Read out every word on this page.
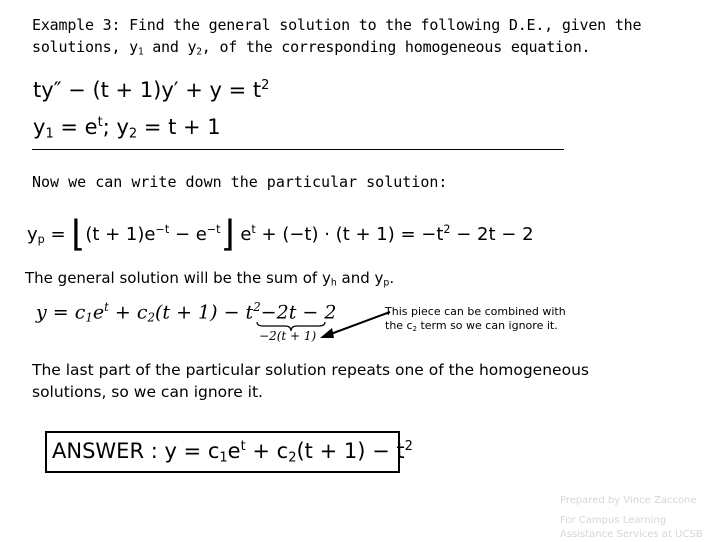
Example 3: Find the general solution to the following D.E., given the
solutions, $y_1$ and $y_2$, of the corresponding homogeneous equation.
$ty'' - (t + 1)y' + y = t^2$
$y_1 = e^t$; $y_2 = t + 1$
Now we can write down the particular solution:
$y_p$ = ⌊(t + $1)e^{-t}$ − $e^{-t}⌋$ $e^t + (-t) \cdot (t + 1) = -t^2 - 2t - 2$
The general solution will be the sum of $y_h$ and $y_p$.
$y = c_1e^t + c_2(t + 1) - t^2-2t - 2$
−2(t + 1)
This piece can be combined with
the $c_2$ term so we can ignore it.
The last part of the particular solution repeats one of the homogeneous
solutions, so we can ignore it.
ANSWER : $y = c_1e^t + c_2(t + 1) - t^2$
Prepared by Vince Zaccone
For Campus Learning
Assistance Services at UCSB
